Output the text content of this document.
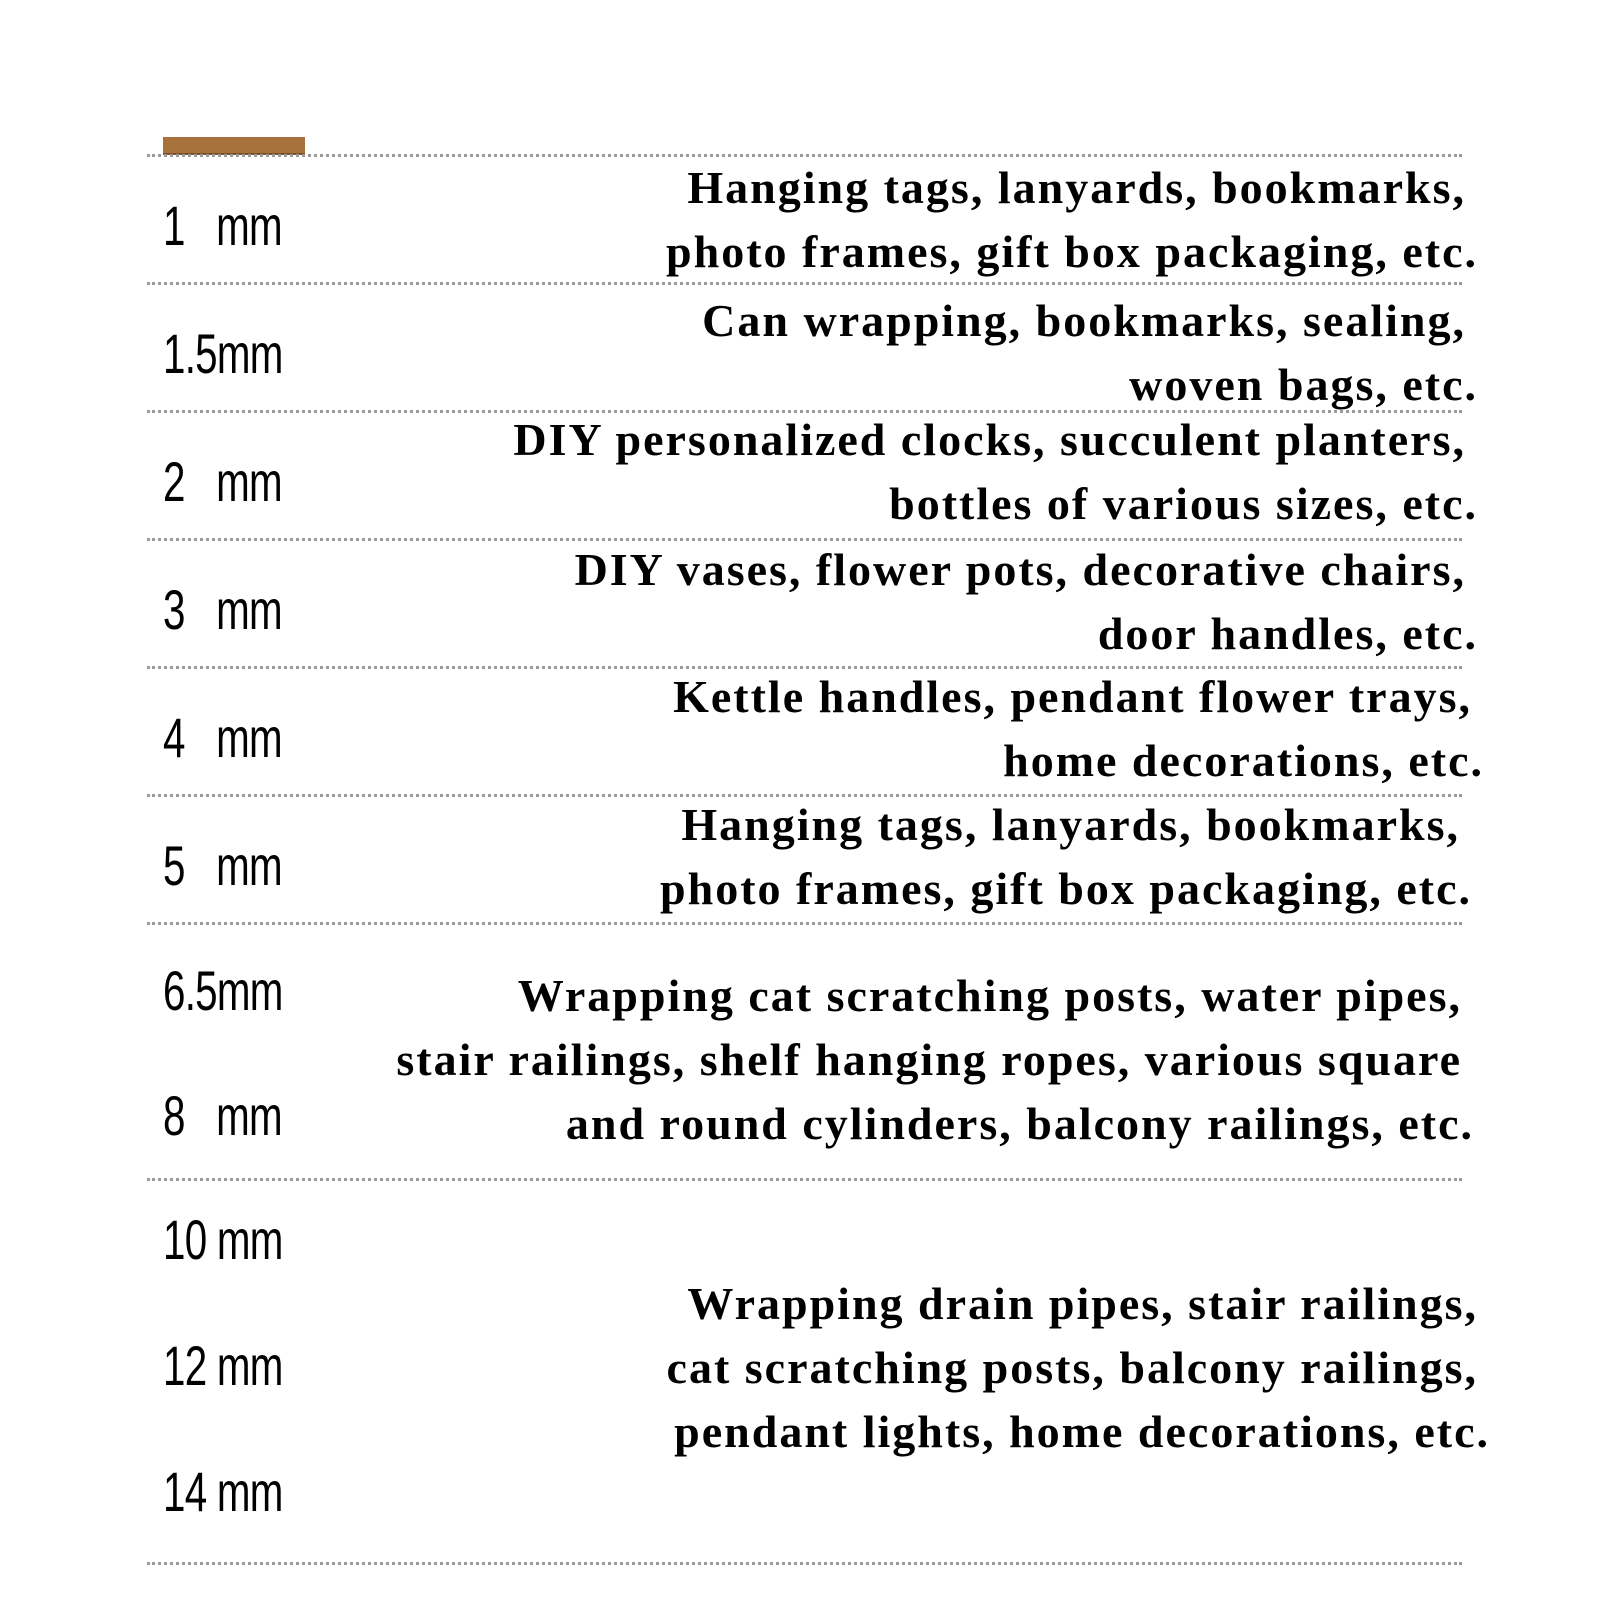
1   mm
Hanging tags, lanyards, bookmarks,
photo frames, gift box packaging, etc.
1.5mm
Can wrapping, bookmarks, sealing,
woven bags, etc.
2   mm
DIY personalized clocks, succulent planters,
bottles of various sizes, etc.
3   mm
DIY vases, flower pots, decorative chairs,
door handles, etc.
4   mm
Kettle handles, pendant flower trays,
home decorations, etc.
5   mm
Hanging tags, lanyards, bookmarks,
photo frames, gift box packaging, etc.
6.5mm
8   mm
Wrapping cat scratching posts, water pipes,
stair railings, shelf hanging ropes, various square
and round cylinders, balcony railings, etc.
10 mm
12 mm
14 mm
Wrapping drain pipes, stair railings,
cat scratching posts, balcony railings,
pendant lights, home decorations, etc.
